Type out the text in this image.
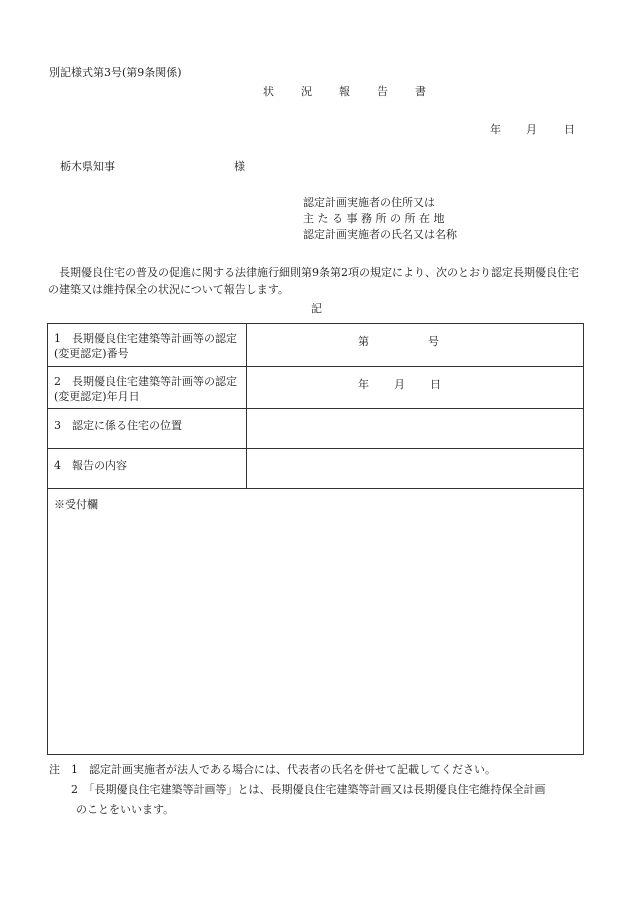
別記様式第3号(第9条関係)
状　況　報　告　書
年 月 日
栃木県知事	様
認定計画実施者の住所又は
主たる事務所の所在地
認定計画実施者の氏名又は名称
長期優良住宅の普及の促進に関する法律施行細則第9条第2項の規定により、次のとおり認定長期優良住宅の建築又は維持保全の状況について報告します。
記
1　長期優良住宅建築等計画等の認定(変更認定)番号
第	号
2　長期優良住宅建築等計画等の認定(変更認定)年月日
年 月 日
3　認定に係る住宅の位置
4　報告の内容
※受付欄
注　1　認定計画実施者が法人である場合には、代表者の氏名を併せて記載してください。
　　2　「長期優良住宅建築等計画等」とは、長期優良住宅建築等計画又は長期優良住宅維持保全計画
のことをいいます。
